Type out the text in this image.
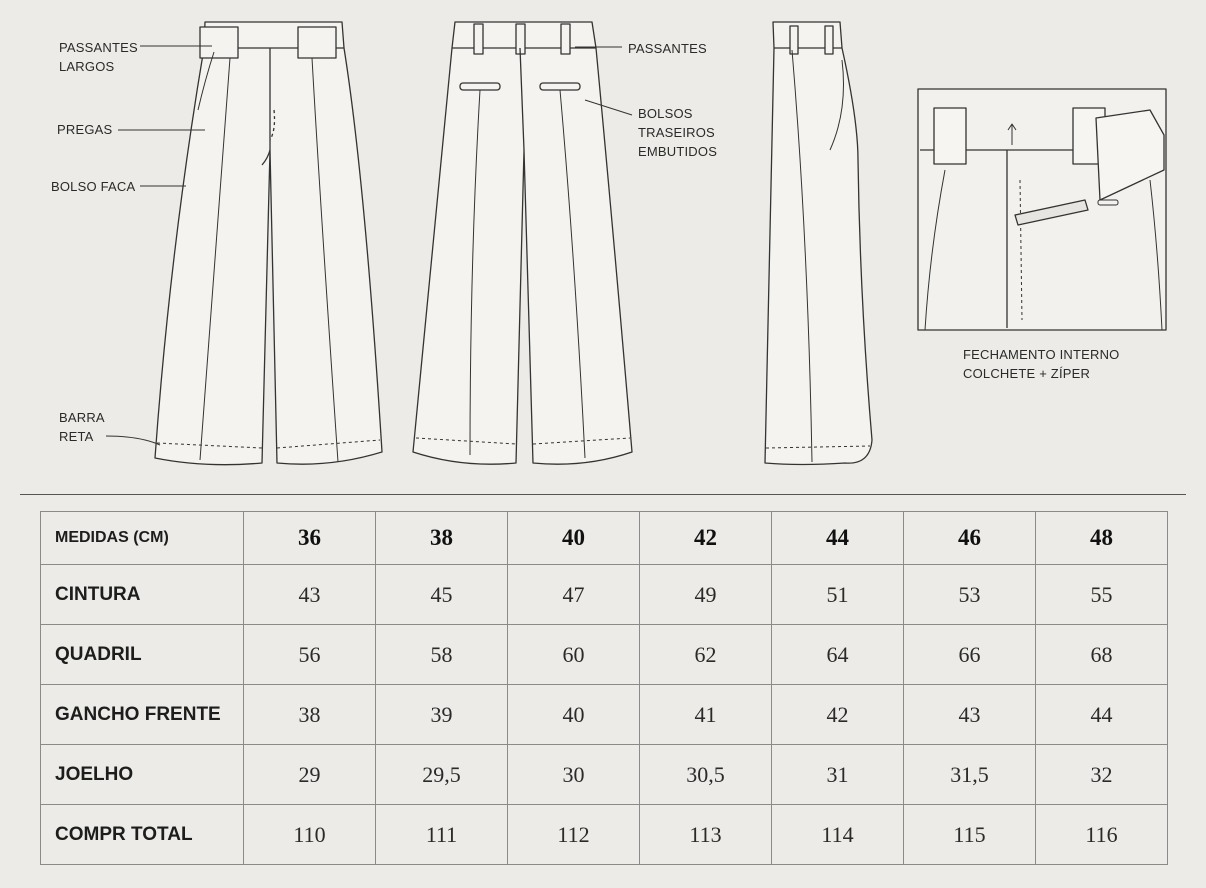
PASSANTES
LARGOS
PREGAS
BOLSO FACA
BARRA
RETA
PASSANTES
BOLSOS
TRASEIROS
EMBUTIDOS
FECHAMENTO INTERNO
COLCHETE + ZÍPER
MEDIDAS (CM)	36	38	40	42	44	46	48
CINTURA	43	45	47	49	51	53	55
QUADRIL	56	58	60	62	64	66	68
GANCHO FRENTE	38	39	40	41	42	43	44
JOELHO	29	29,5	30	30,5	31	31,5	32
COMPR TOTAL	110	111	112	113	114	115	116
